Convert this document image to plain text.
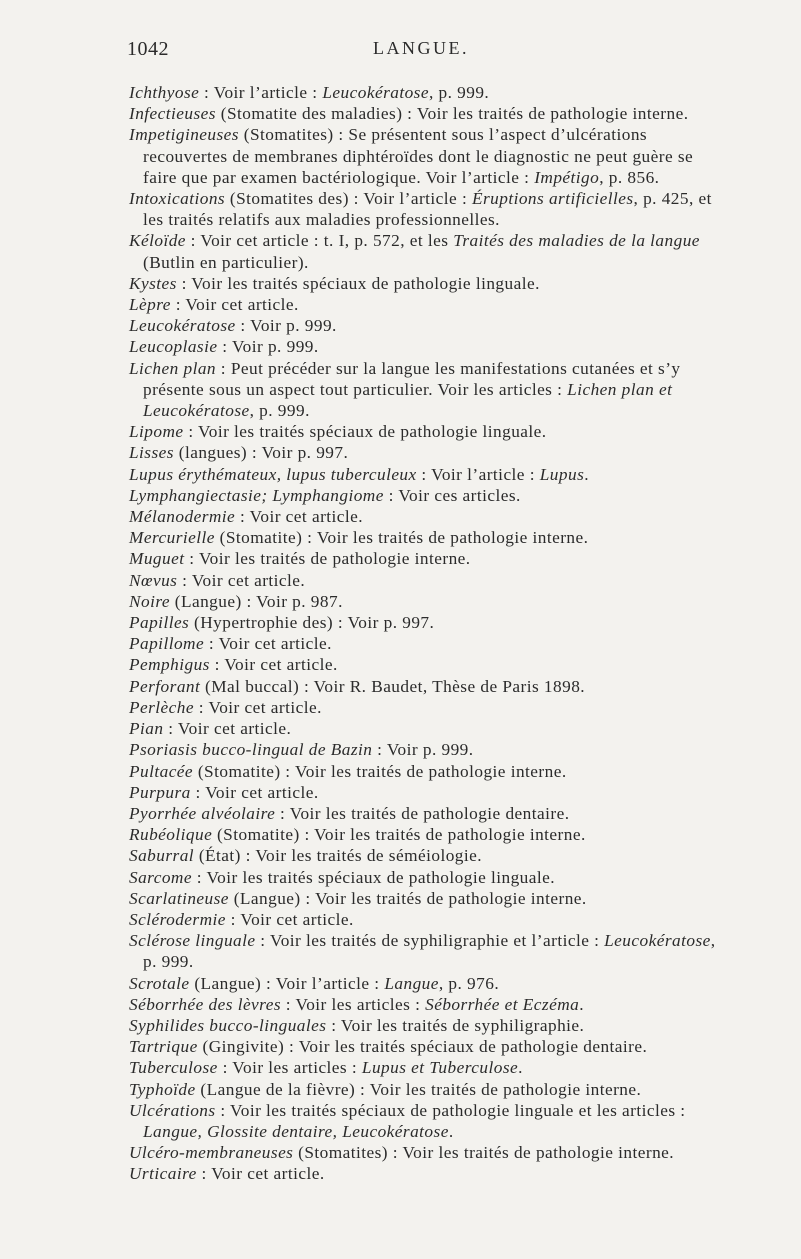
1042	LANGUE.

Ichthyose : Voir l’article : Leucokératose, p. 999.

Infectieuses (Stomatite des maladies) : Voir les traités de pathologie interne.

Impetigineuses (Stomatites) : Se présentent sous l’aspect d’ulcérations recouvertes de membranes diphtéroïdes dont le diagnostic ne peut guère se faire que par examen bactériologique. Voir l’article : Impétigo, p. 856.

Intoxications (Stomatites des) : Voir l’article : Éruptions artificielles, p. 425, et les traités relatifs aux maladies professionnelles.

Kéloïde : Voir cet article : t. I, p. 572, et les Traités des maladies de la langue (Butlin en particulier).

Kystes : Voir les traités spéciaux de pathologie linguale.

Lèpre : Voir cet article.

Leucokératose : Voir p. 999.

Leucoplasie : Voir p. 999.

Lichen plan : Peut précéder sur la langue les manifestations cutanées et s’y présente sous un aspect tout particulier. Voir les articles : Lichen plan et Leucokératose, p. 999.

Lipome : Voir les traités spéciaux de pathologie linguale.

Lisses (langues) : Voir p. 997.

Lupus érythémateux, lupus tuberculeux : Voir l’article : Lupus.

Lymphangiectasie; Lymphangiome : Voir ces articles.

Mélanodermie : Voir cet article.

Mercurielle (Stomatite) : Voir les traités de pathologie interne.

Muguet : Voir les traités de pathologie interne.

Nœvus : Voir cet article.

Noire (Langue) : Voir p. 987.

Papilles (Hypertrophie des) : Voir p. 997.

Papillome : Voir cet article.

Pemphigus : Voir cet article.

Perforant (Mal buccal) : Voir R. Baudet, Thèse de Paris 1898.

Perlèche : Voir cet article.

Pian : Voir cet article.

Psoriasis bucco-lingual de Bazin : Voir p. 999.

Pultacée (Stomatite) : Voir les traités de pathologie interne.

Purpura : Voir cet article.

Pyorrhée alvéolaire : Voir les traités de pathologie dentaire.

Rubéolique (Stomatite) : Voir les traités de pathologie interne.

Saburral (État) : Voir les traités de séméiologie.

Sarcome : Voir les traités spéciaux de pathologie linguale.

Scarlatineuse (Langue) : Voir les traités de pathologie interne.

Sclérodermie : Voir cet article.

Sclérose linguale : Voir les traités de syphiligraphie et l’article : Leucokératose, p. 999.

Scrotale (Langue) : Voir l’article : Langue, p. 976.

Séborrhée des lèvres : Voir les articles : Séborrhée et Eczéma.

Syphilides bucco-linguales : Voir les traités de syphiligraphie.

Tartrique (Gingivite) : Voir les traités spéciaux de pathologie dentaire.

Tuberculose : Voir les articles : Lupus et Tuberculose.

Typhoïde (Langue de la fièvre) : Voir les traités de pathologie interne.

Ulcérations : Voir les traités spéciaux de pathologie linguale et les articles : Langue, Glossite dentaire, Leucokératose.

Ulcéro-membraneuses (Stomatites) : Voir les traités de pathologie interne.

Urticaire : Voir cet article.
